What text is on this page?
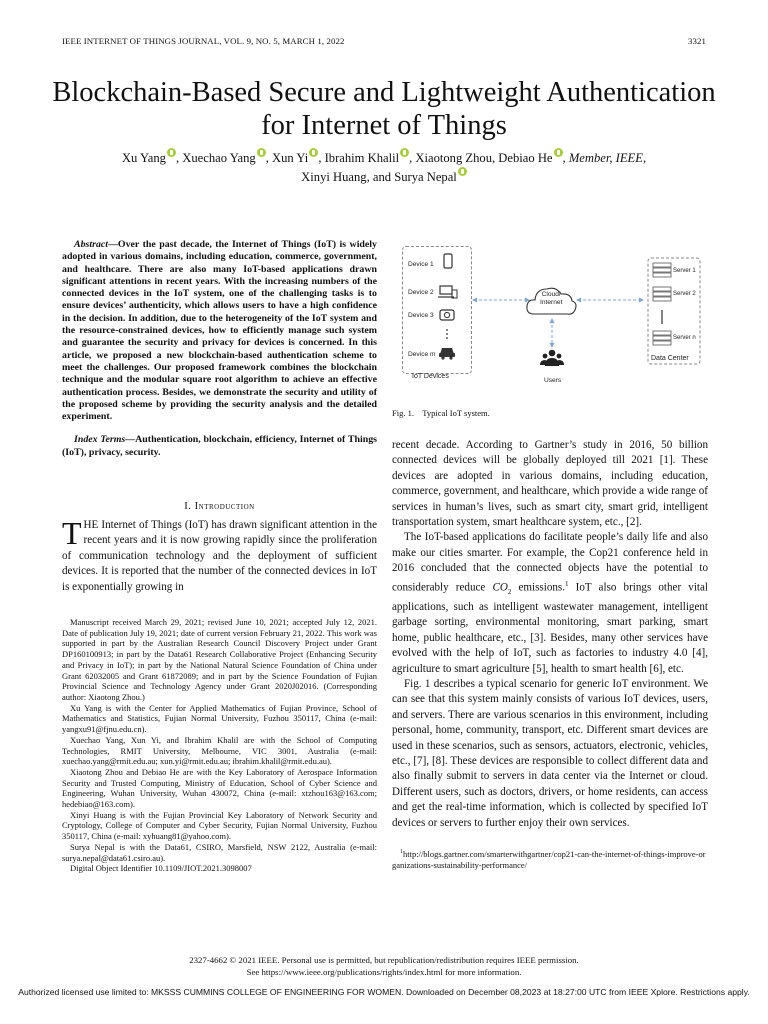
IEEE INTERNET OF THINGS JOURNAL, VOL. 9, NO. 5, MARCH 1, 2022	3321
Blockchain-Based Secure and Lightweight Authentication for Internet of Things
Xu Yang , Xuechao Yang , Xun Yi , Ibrahim Khalil , Xiaotong Zhou, Debiao He , Member, IEEE,
Xinyi Huang, and Surya Nepal
Abstract—Over the past decade, the Internet of Things (IoT) is widely adopted in various domains, including education, commerce, government, and healthcare. There are also many IoT-based applications drawn significant attentions in recent years. With the increasing numbers of the connected devices in the IoT system, one of the challenging tasks is to ensure devices’ authenticity, which allows users to have a high confidence in the decision. In addition, due to the heterogeneity of the IoT system and the resource-constrained devices, how to efficiently manage such system and guarantee the security and privacy for devices is concerned. In this article, we proposed a new blockchain-based authentication scheme to meet the challenges. Our proposed framework combines the blockchain technique and the modular square root algorithm to achieve an effective authentication process. Besides, we demonstrate the security and utility of the proposed scheme by providing the security analysis and the detailed experiment.
Index Terms—Authentication, blockchain, efficiency, Internet of Things (IoT), privacy, security.
I. Introduction
THE Internet of Things (IoT) has drawn significant attention in the recent years and it is now growing rapidly since the proliferation of communication technology and the deployment of sufficient devices. It is reported that the number of the connected devices in IoT is exponentially growing in

Manuscript received March 29, 2021; revised June 10, 2021; accepted July 12, 2021. Date of publication July 19, 2021; date of current version February 21, 2022. This work was supported in part by the Australian Research Council Discovery Project under Grant DP160100913; in part by the Data61 Research Collaborative Project (Enhancing Security and Privacy in IoT); in part by the National Natural Science Foundation of China under Grant 62032005 and Grant 61872089; and in part by the Science Foundation of Fujian Provincial Science and Technology Agency under Grant 2020J02016. (Corresponding author: Xiaotong Zhou.)

Xu Yang is with the Center for Applied Mathematics of Fujian Province, School of Mathematics and Statistics, Fujian Normal University, Fuzhou 350117, China (e-mail: yangxu91@fjnu.edu.cn).

Xuechao Yang, Xun Yi, and Ibrahim Khalil are with the School of Computing Technologies, RMIT University, Melbourne, VIC 3001, Australia (e-mail: xuechao.yang@rmit.edu.au; xun.yi@rmit.edu.au; ibrahim.khalil@rmit.edu.au).

Xiaotong Zhou and Debiao He are with the Key Laboratory of Aerospace Information Security and Trusted Computing, Ministry of Education, School of Cyber Science and Engineering, Wuhan University, Wuhan 430072, China (e-mail: xtzhou163@163.com; hedebiao@163.com).

Xinyi Huang is with the Fujian Provincial Key Laboratory of Network Security and Cryptology, College of Computer and Cyber Security, Fujian Normal University, Fuzhou 350117, China (e-mail: xyhuang81@yahoo.com).

Surya Nepal is with the Data61, CSIRO, Marsfield, NSW 2122, Australia (e-mail: surya.nepal@data61.csiro.au).

Digital Object Identifier 10.1109/JIOT.2021.3098007

Device 1
Device 2
Device 3
Device m
IoT Devices
Cloud/
Internet
Users
Server 1
Server 2
Server n
Data Center
Fig. 1.    Typical IoT system.

recent decade. According to Gartner’s study in 2016, 50 billion connected devices will be globally deployed till 2021 [1]. These devices are adopted in various domains, including education, commerce, government, and healthcare, which provide a wide range of services in human’s lives, such as smart city, smart grid, intelligent transportation system, smart healthcare system, etc., [2].

The IoT-based applications do facilitate people’s daily life and also make our cities smarter. For example, the Cop21 conference held in 2016 concluded that the connected objects have the potential to considerably reduce $CO_2$ emissions.$^1$ IoT also brings other vital applications, such as intelligent wastewater management, intelligent garbage sorting, environmental monitoring, smart parking, smart home, public healthcare, etc., [3]. Besides, many other services have evolved with the help of IoT, such as factories to industry 4.0 [4], agriculture to smart agriculture [5], health to smart health [6], etc.

Fig. 1 describes a typical scenario for generic IoT environment. We can see that this system mainly consists of various IoT devices, users, and servers. There are various scenarios in this environment, including personal, home, community, transport, etc. Different smart devices are used in these scenarios, such as sensors, actuators, electronic, vehicles, etc., [7], [8]. These devices are responsible to collect different data and also finally submit to servers in data center via the Internet or cloud. Different users, such as doctors, drivers, or home residents, can access and get the real-time information, which is collected by specified IoT devices or servers to further enjoy their own services.

$^1$http://blogs.gartner.com/smarterwithgartner/cop21-can-the-internet-of-things-improve-organizations-sustainability-performance/
2327-4662 © 2021 IEEE. Personal use is permitted, but republication/redistribution requires IEEE permission.
See https://www.ieee.org/publications/rights/index.html for more information.
Authorized licensed use limited to: MKSSS CUMMINS COLLEGE OF ENGINEERING FOR WOMEN. Downloaded on December 08,2023 at 18:27:00 UTC from IEEE Xplore. Restrictions apply.
